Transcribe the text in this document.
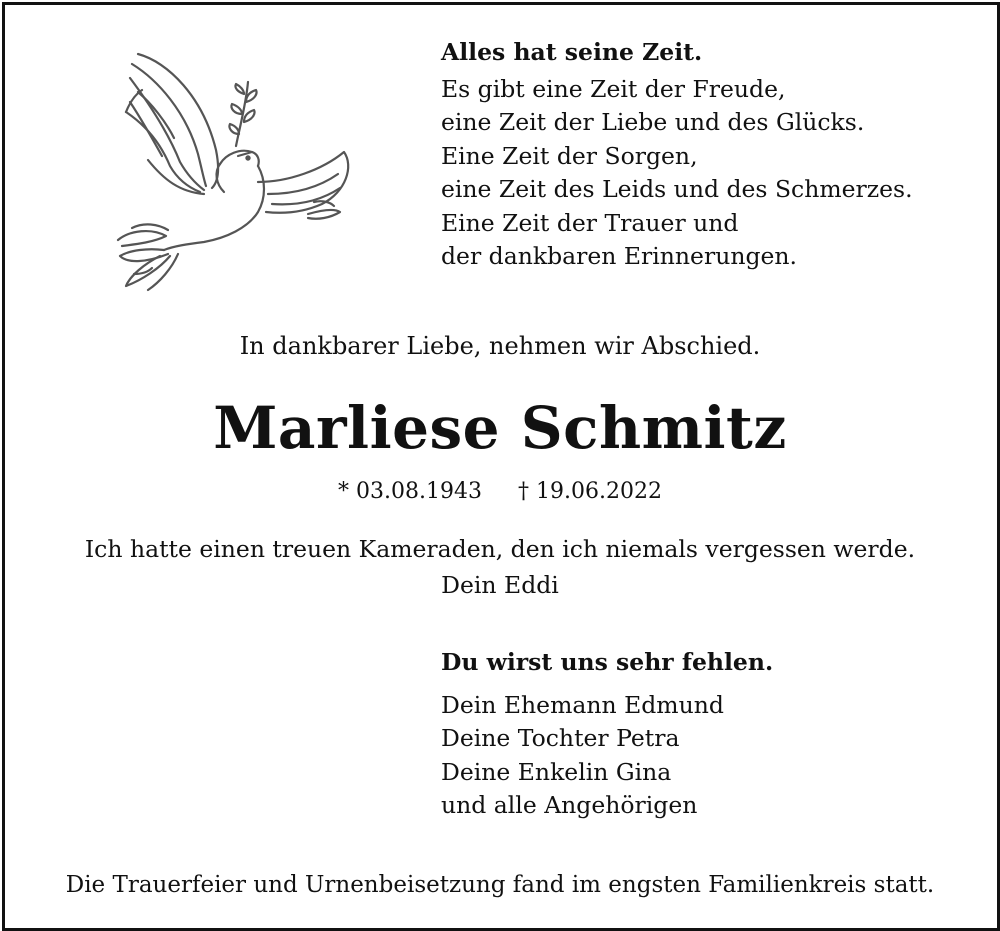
Alles hat seine Zeit.
Es gibt eine Zeit der Freude,
eine Zeit der Liebe und des Glücks.
Eine Zeit der Sorgen,
eine Zeit des Leids und des Schmerzes.
Eine Zeit der Trauer und
der dankbaren Erinnerungen.
In dankbarer Liebe, nehmen wir Abschied.
Marliese Schmitz
* 03.08.1943 † 19.06.2022
Ich hatte einen treuen Kameraden, den ich niemals vergessen werde.
Dein Eddi
Du wirst uns sehr fehlen.
Dein Ehemann Edmund
Deine Tochter Petra
Deine Enkelin Gina
und alle Angehörigen
Die Trauerfeier und Urnenbeisetzung fand im engsten Familienkreis statt.
